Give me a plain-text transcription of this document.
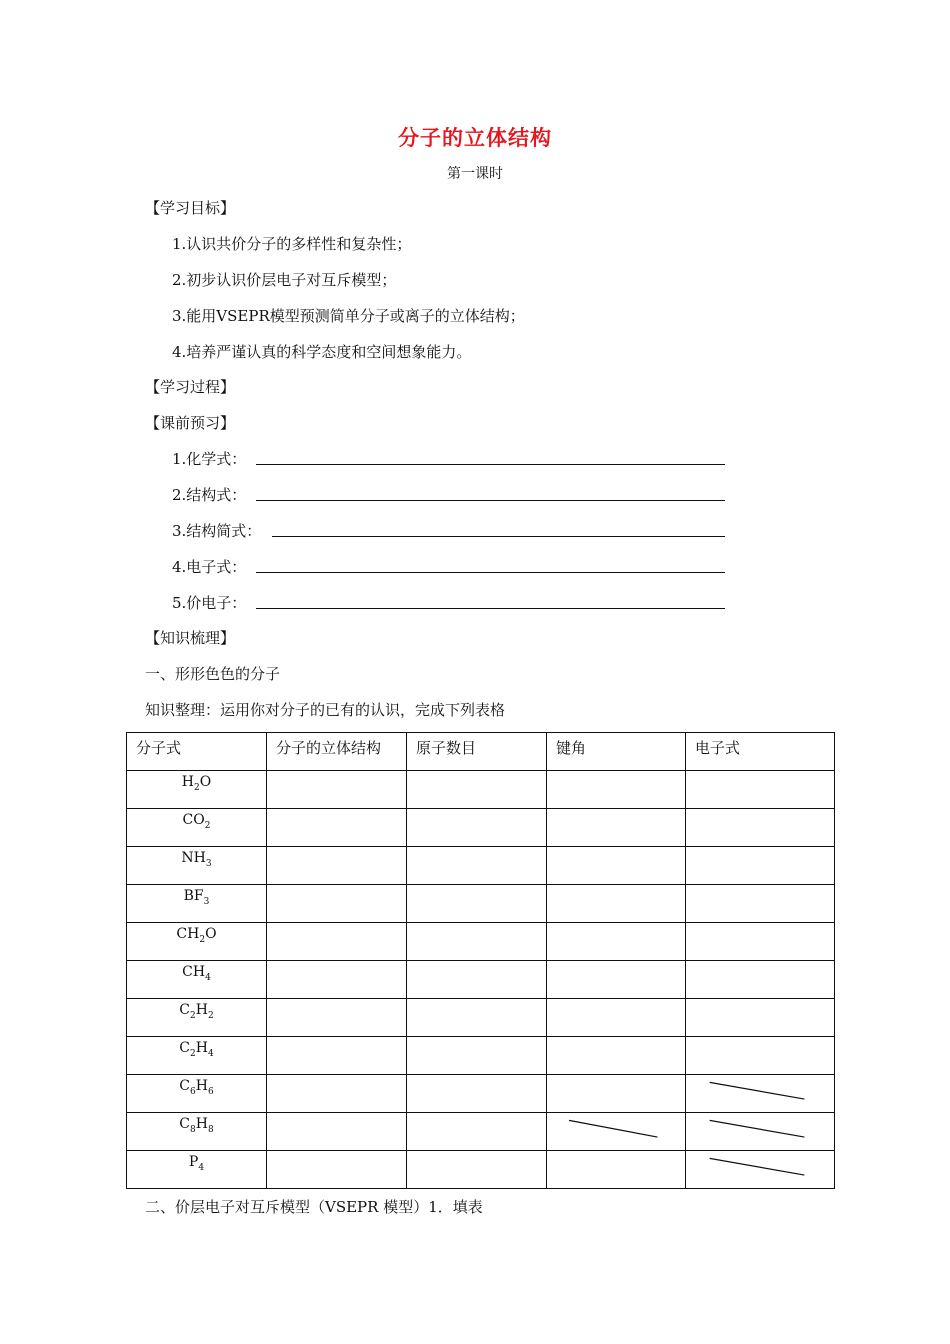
分子的立体结构
第一课时
【学习目标】
1.认识共价分子的多样性和复杂性；
2.初步认识价层电子对互斥模型；
3.能用VSEPR模型预测简单分子或离子的立体结构；
4.培养严谨认真的科学态度和空间想象能力。
【学习过程】
【课前预习】
1.化学式：
2.结构式：
3.结构简式：
4.电子式：
5.价电子：
【知识梳理】
一、形形色色的分子
知识整理：运用你对分子的已有的认识，完成下列表格
分子式	分子的立体结构	原子数目	键角	电子式
$H_2O$				
$CO_2$				
$NH_3$				
$BF_3$				
$CH_2O$				
$CH_4$				
$C_2H_2$				
$C_2H_4$				
$C_6H_6$				

$C_8H_8$			

$P_4$				
二、价层电子对互斥模型（VSEPR 模型）1．填表
